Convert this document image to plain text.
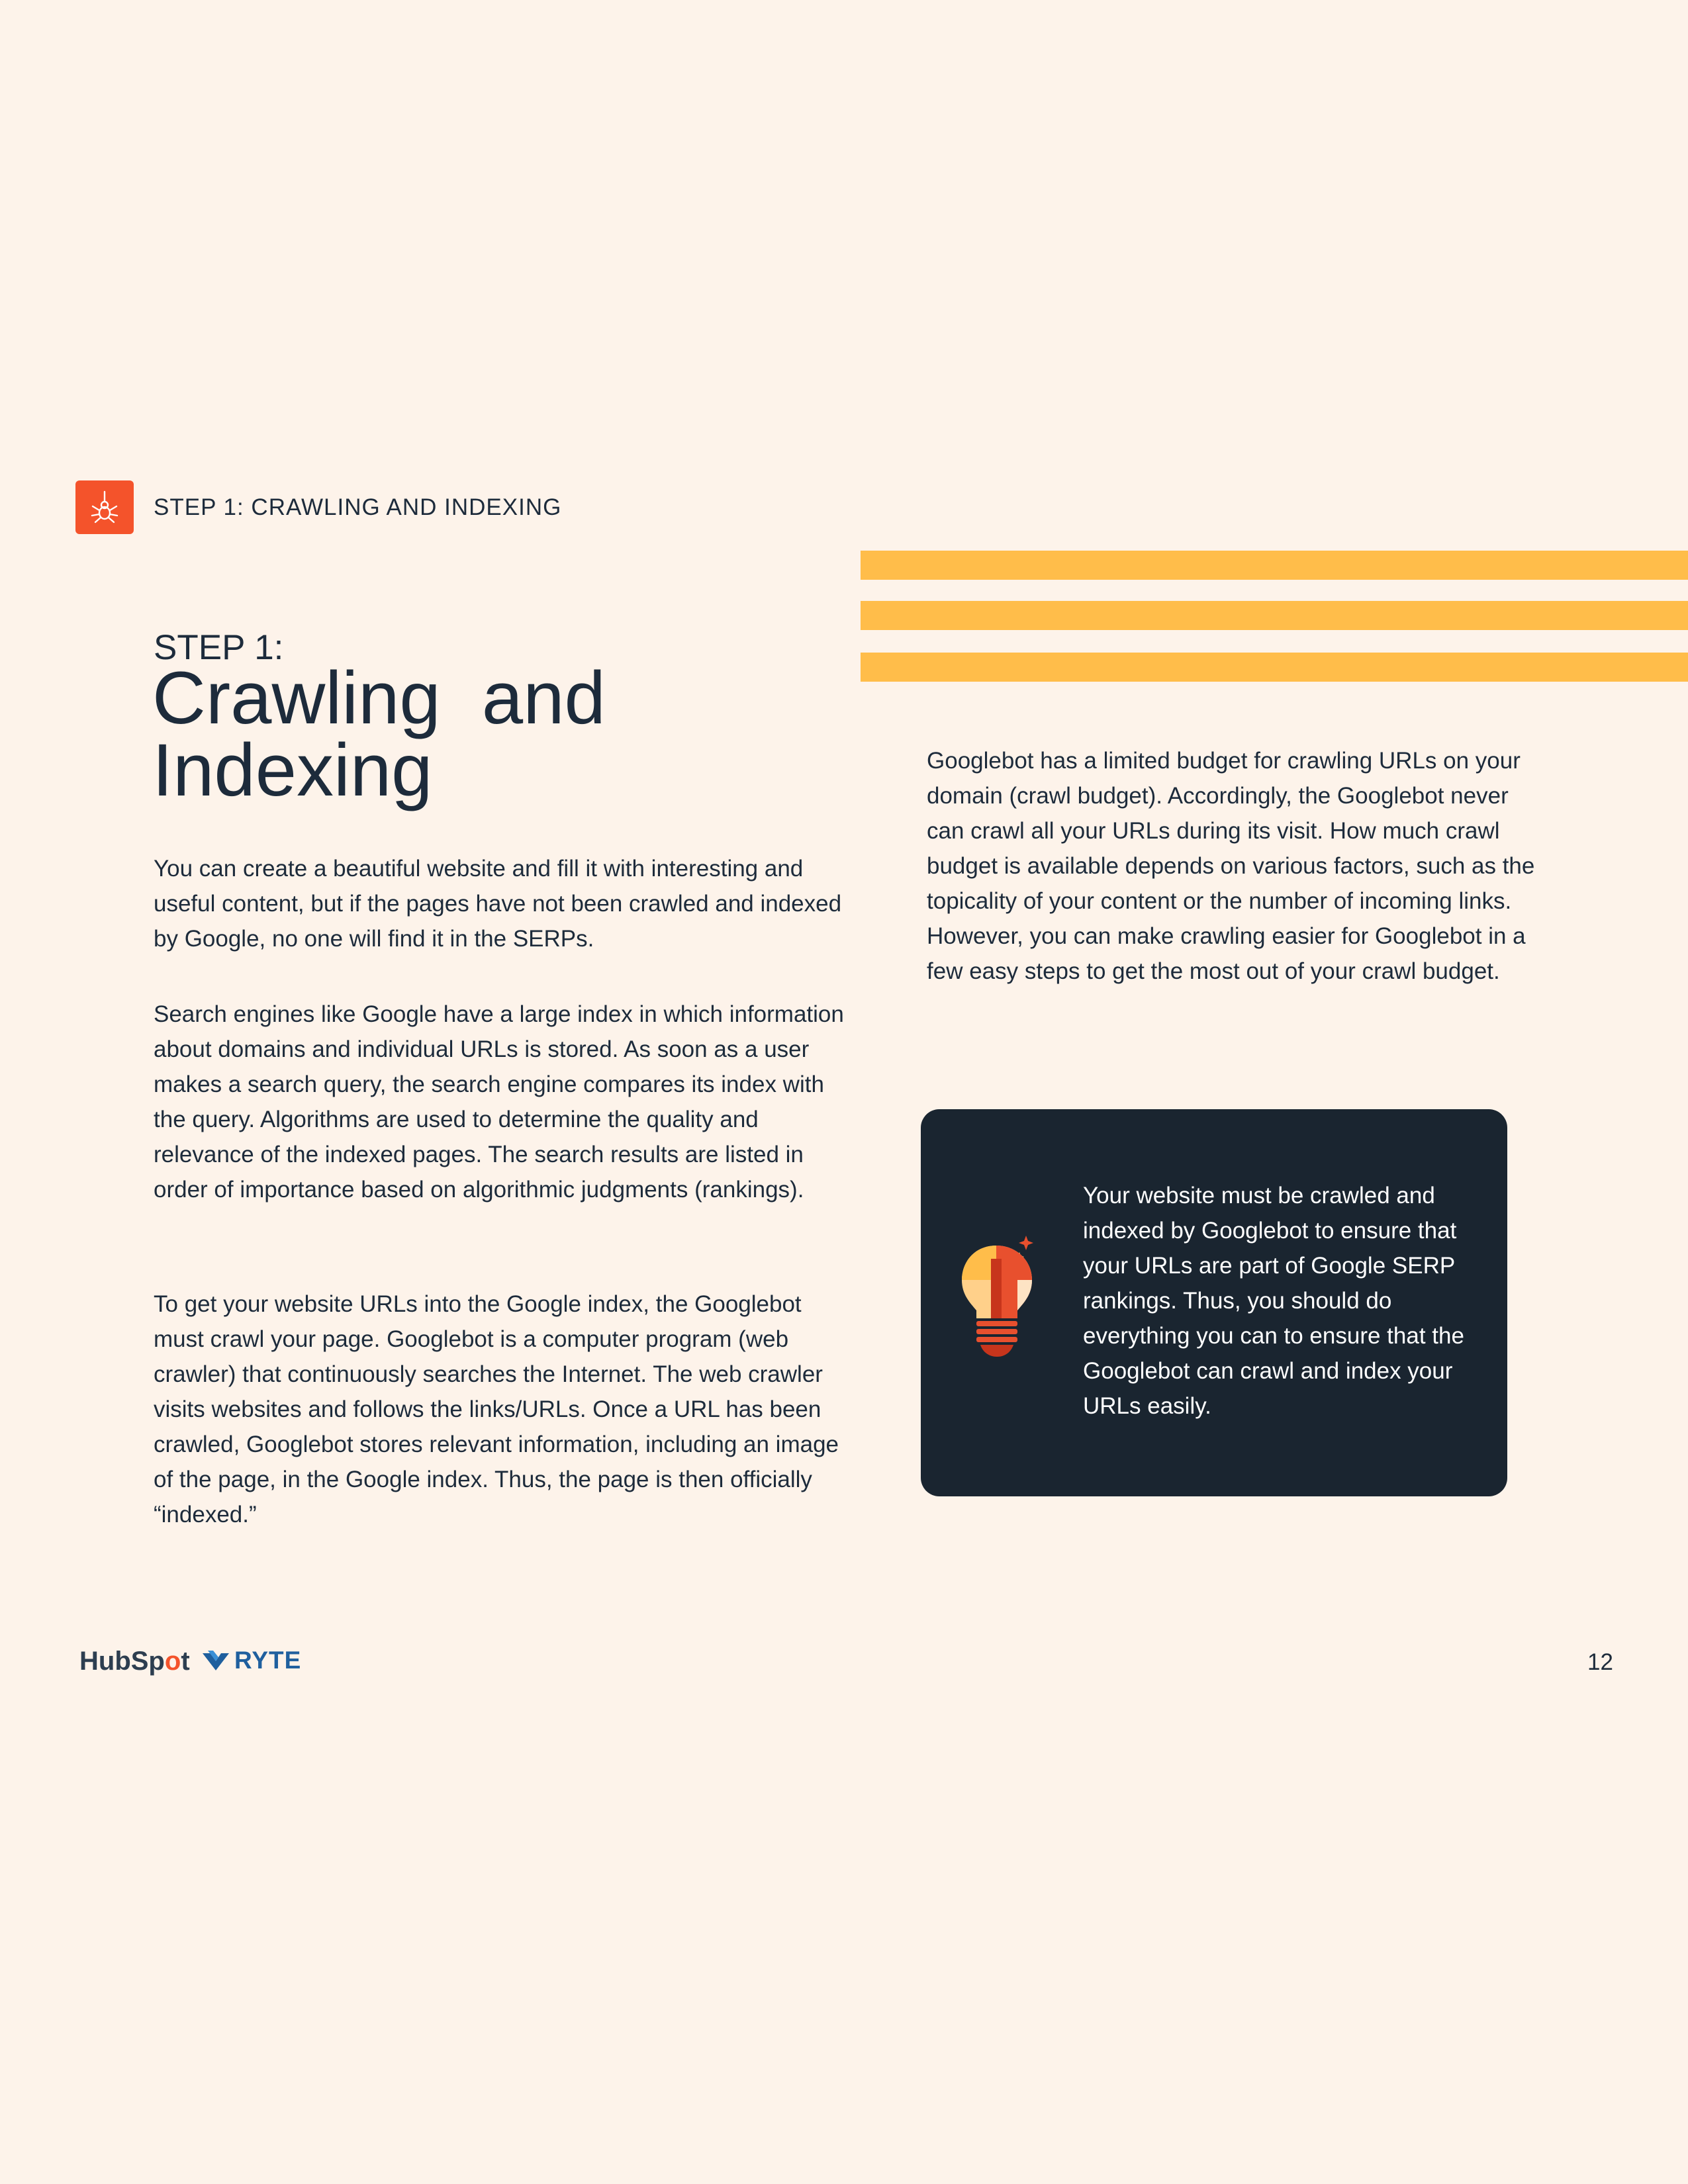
STEP 1: CRAWLING AND INDEXING
STEP 1:
Crawling  and
Indexing
You can create a beautiful website and fill it with interesting and useful content, but if the pages have not been crawled and indexed by Google, no one will find it in the SERPs.
Search engines like Google have a large index in which information about domains and individual URLs is stored. As soon as a user makes a search query, the search engine compares its index with the query. Algorithms are used to determine the quality and relevance of the indexed pages. The search results are listed in order of importance based on algorithmic judgments (rankings).
To get your website URLs into the Google index, the Googlebot must crawl your page. Googlebot is a computer program (web crawler) that continuously searches the Internet. The web crawler visits websites and follows the links/URLs. Once a URL has been crawled, Googlebot stores relevant information, including an image of the page, in the Google index. Thus, the page is then officially “indexed.”
Googlebot has a limited budget for crawling URLs on your domain (crawl budget). Accordingly, the Googlebot never can crawl all your URLs during its visit. How much crawl budget is available depends on various factors, such as the topicality of your content or the number of incoming links. However, you can make crawling easier for Googlebot in a few easy steps to get the most out of your crawl budget.
Your website must be crawled and indexed by Googlebot to ensure that your URLs are part of Google SERP rankings. Thus, you should do everything you can to ensure that the Googlebot can crawl and index your URLs easily.
HubSp o t RYTE	12
